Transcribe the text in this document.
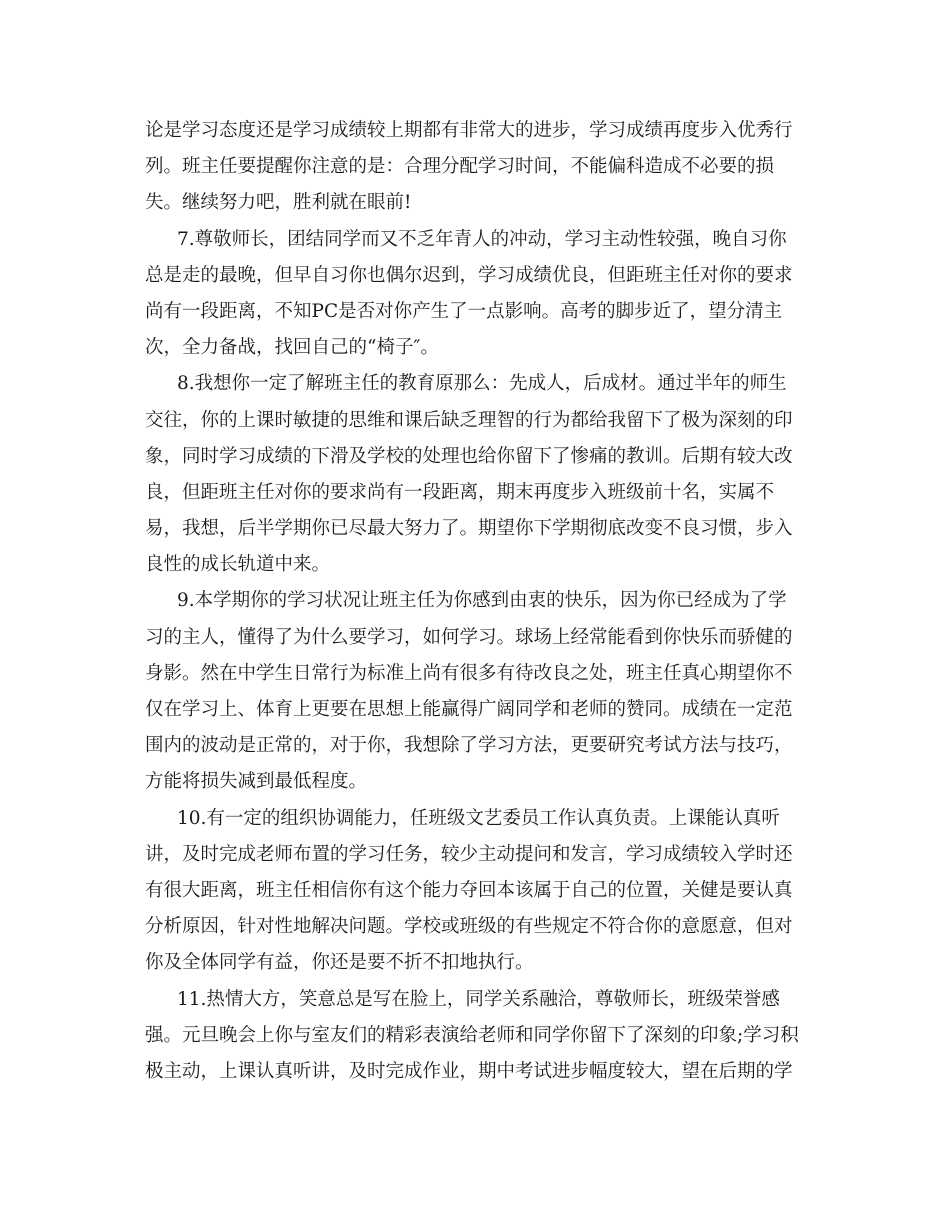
论是学习态度还是学习成绩较上期都有非常大的进步，学习成绩再度步入优秀行
列。班主任要提醒你注意的是：合理分配学习时间，不能偏科造成不必要的损
失。继续努力吧，胜利就在眼前!

7.尊敬师长，团结同学而又不乏年青人的冲动，学习主动性较强，晚自习你
总是走的最晚，但早自习你也偶尔迟到，学习成绩优良，但距班主任对你的要求
尚有一段距离，不知PC是否对你产生了一点影响。高考的脚步近了，望分清主
次，全力备战，找回自己的“椅子″。

8.我想你一定了解班主任的教育原那么：先成人，后成材。通过半年的师生
交往，你的上课时敏捷的思维和课后缺乏理智的行为都给我留下了极为深刻的印
象，同时学习成绩的下滑及学校的处理也给你留下了惨痛的教训。后期有较大改
良，但距班主任对你的要求尚有一段距离，期末再度步入班级前十名，实属不
易，我想，后半学期你已尽最大努力了。期望你下学期彻底改变不良习惯，步入
良性的成长轨道中来。

9.本学期你的学习状况让班主任为你感到由衷的快乐，因为你已经成为了学
习的主人，懂得了为什么要学习，如何学习。球场上经常能看到你快乐而骄健的
身影。然在中学生日常行为标准上尚有很多有待改良之处，班主任真心期望你不
仅在学习上、体育上更要在思想上能赢得广阔同学和老师的赞同。成绩在一定范
围内的波动是正常的，对于你，我想除了学习方法，更要研究考试方法与技巧，
方能将损失减到最低程度。

10.有一定的组织协调能力，任班级文艺委员工作认真负责。上课能认真听
讲，及时完成老师布置的学习任务，较少主动提问和发言，学习成绩较入学时还
有很大距离，班主任相信你有这个能力夺回本该属于自己的位置，关健是要认真
分析原因，针对性地解决问题。学校或班级的有些规定不符合你的意愿意，但对
你及全体同学有益，你还是要不折不扣地执行。

11.热情大方，笑意总是写在脸上，同学关系融洽，尊敬师长，班级荣誉感
强。元旦晚会上你与室友们的精彩表演给老师和同学你留下了深刻的印象;学习积
极主动，上课认真听讲，及时完成作业，期中考试进步幅度较大，望在后期的学
